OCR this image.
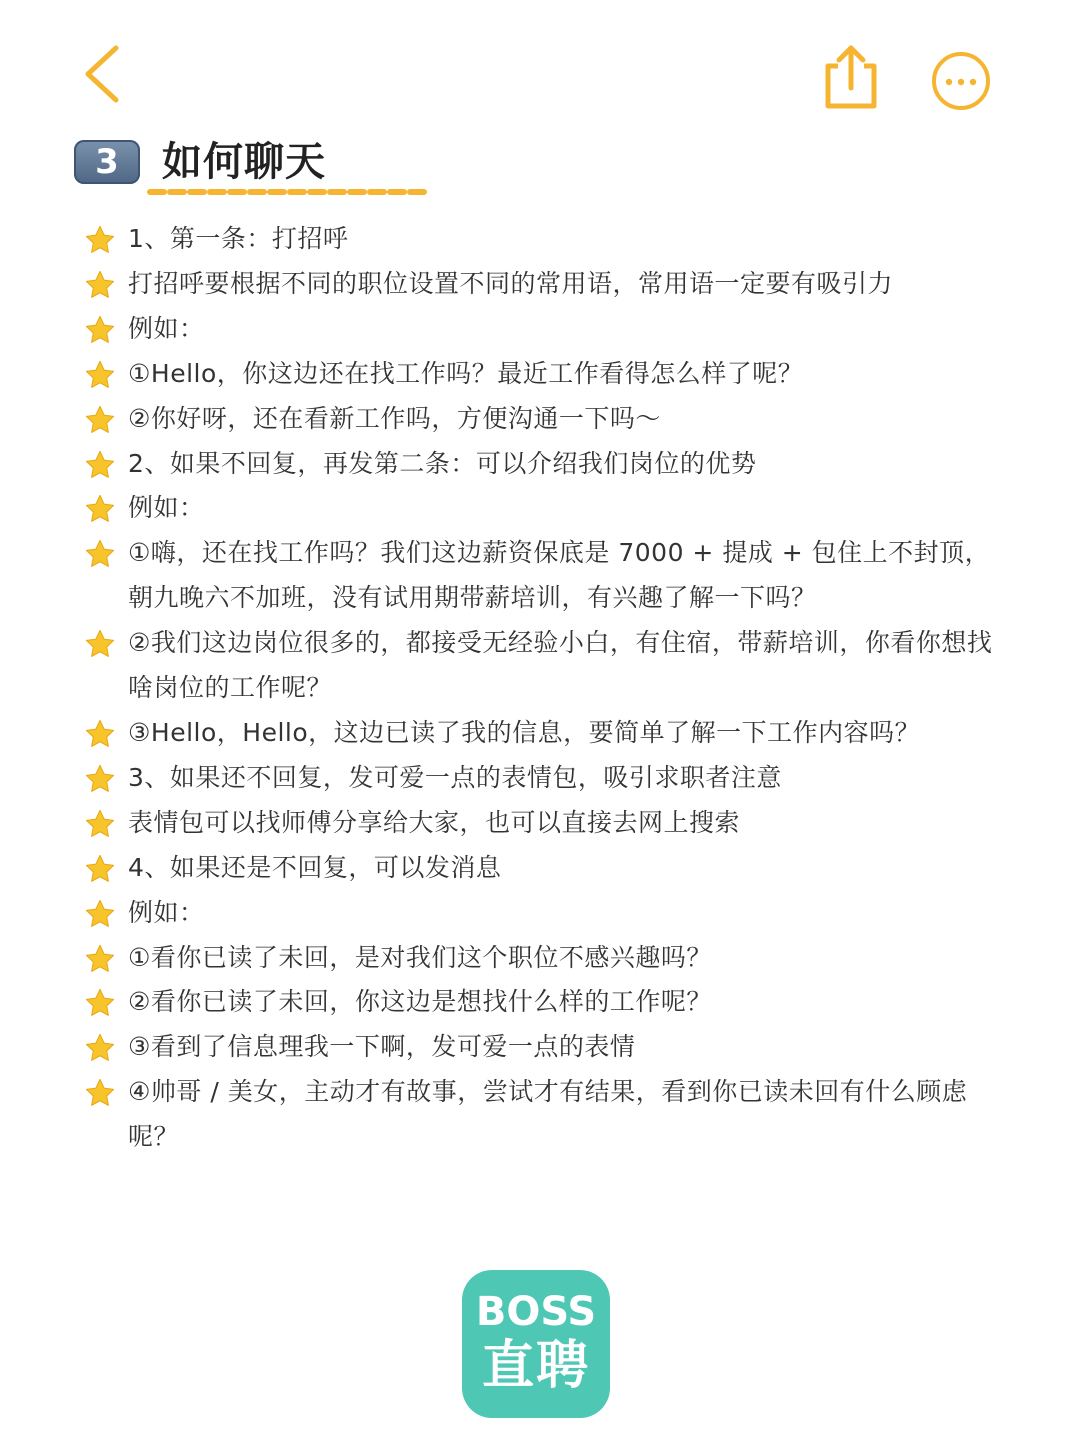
3	如何聊天
1、第一条：打招呼
打招呼要根据不同的职位设置不同的常用语，常用语一定要有吸引力
例如：
①Hello，你这边还在找工作吗？最近工作看得怎么样了呢？
②你好呀，还在看新工作吗，方便沟通一下吗～
2、如果不回复，再发第二条：可以介绍我们岗位的优势
例如：
①嗨，还在找工作吗？我们这边薪资保底是 7000 + 提成 + 包住上不封顶，朝九晚六不加班，没有试用期带薪培训，有兴趣了解一下吗？
②我们这边岗位很多的，都接受无经验小白，有住宿，带薪培训，你看你想找啥岗位的工作呢？
③Hello，Hello，这边已读了我的信息，要简单了解一下工作内容吗？
3、如果还不回复，发可爱一点的表情包，吸引求职者注意
表情包可以找师傅分享给大家，也可以直接去网上搜索
4、如果还是不回复，可以发消息
例如：
①看你已读了未回，是对我们这个职位不感兴趣吗？
②看你已读了未回，你这边是想找什么样的工作呢？
③看到了信息理我一下啊，发可爱一点的表情
④帅哥 / 美女，主动才有故事，尝试才有结果，看到你已读未回有什么顾虑呢？
BOSS
直聘
